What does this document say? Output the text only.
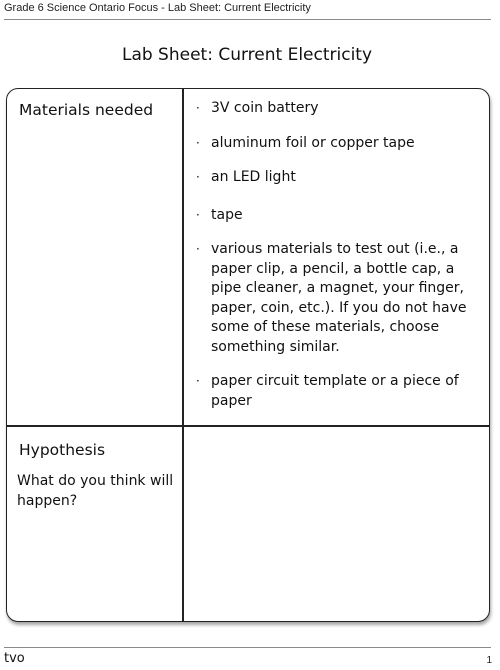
Grade 6 Science Ontario Focus - Lab Sheet: Current Electricity
Lab Sheet: Current Electricity
Materials needed	· 3V coin battery
· aluminum foil or copper tape
· an LED light
· tape
· various materials to test out (i.e., a paper clip, a pencil, a bottle cap, a pipe cleaner, a magnet, your finger, paper, coin, etc.). If you do not have some of these materials, choose something similar.
· paper circuit template or a piece of paper
Hypothesis
What do you think will happen?
tvo	1
